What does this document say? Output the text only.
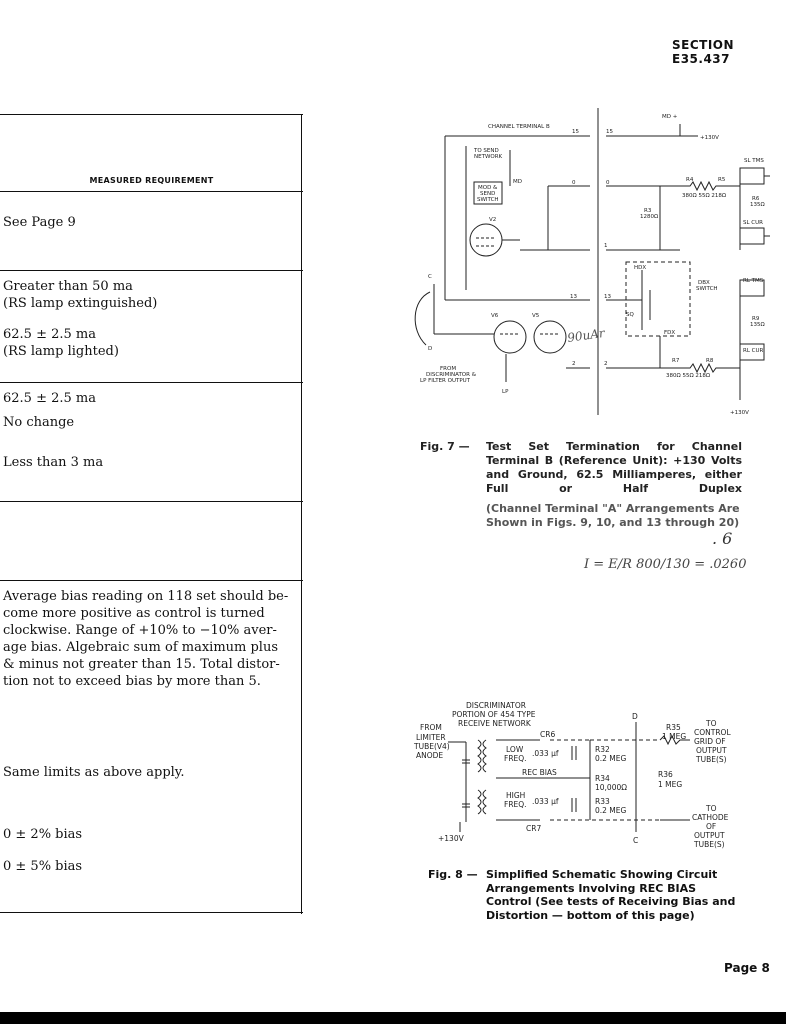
SECTION E35.437
MEASURED REQUIREMENT
See Page 9
Greater than 50 ma
(RS lamp extinguished)
62.5 ± 2.5 ma
(RS lamp lighted)
62.5 ± 2.5 ma
No change
Less than 3 ma
Average bias reading on 118 set should be-
come more positive as control is turned
clockwise. Range of +10% to −10% aver-
age bias. Algebraic sum of maximum plus
& minus not greater than 15. Total distor-
tion not to exceed bias by more than 5.
Same limits as above apply.
0 ± 2% bias
0 ± 5% bias
CHANNEL TERMINAL B
15	15
MD +
+130V
TO SEND
NETWORK
MOD &
SEND
SWITCH
MD
V2
0	0
R3
1280Ω
R4	R5
380Ω 55Ω 218Ω
SL TMS
R6
135Ω
SL CUR
1
HDX
DBX
SWITCH
RL TMS
13	13
SQ
FDX
R9
135Ω
RL CUR
V6	V5
2	2	R7	R8
380Ω 55Ω 218Ω
C
D
LP
FROM
DISCRIMINATOR &
LP FILTER OUTPUT
+130V
90uAr
Fig. 7 — Test Set Termination for Channel Terminal B (Reference Unit): +130 Volts and Ground, 62.5 Milliamperes, either Full or Half Duplex
(Channel Terminal "A" Arrangements Are Shown in Figs. 9, 10, and 13 through 20)
. 6
I = E/R 800/130 = .0260
DISCRIMINATOR
PORTION OF 454 TYPE
RECEIVE NETWORK
FROM
LIMITER
TUBE(V4)
ANODE
LOW
FREQ.
.033 µf
CR6
R32
0.2 MEG
REC BIAS
R34
10,000Ω
HIGH
FREQ. .033 µf	R33
0.2 MEG
CR7
D
C
R35
1 MEG
R36
1 MEG
TO
CONTROL
GRID OF
OUTPUT
TUBE(S)
TO
CATHODE
OF
OUTPUT
TUBE(S)
+130V
Fig. 8 — Simplified Schematic Showing Circuit Arrangements Involving REC BIAS Control (See tests of Receiving Bias and Distortion — bottom of this page)
Page 8
